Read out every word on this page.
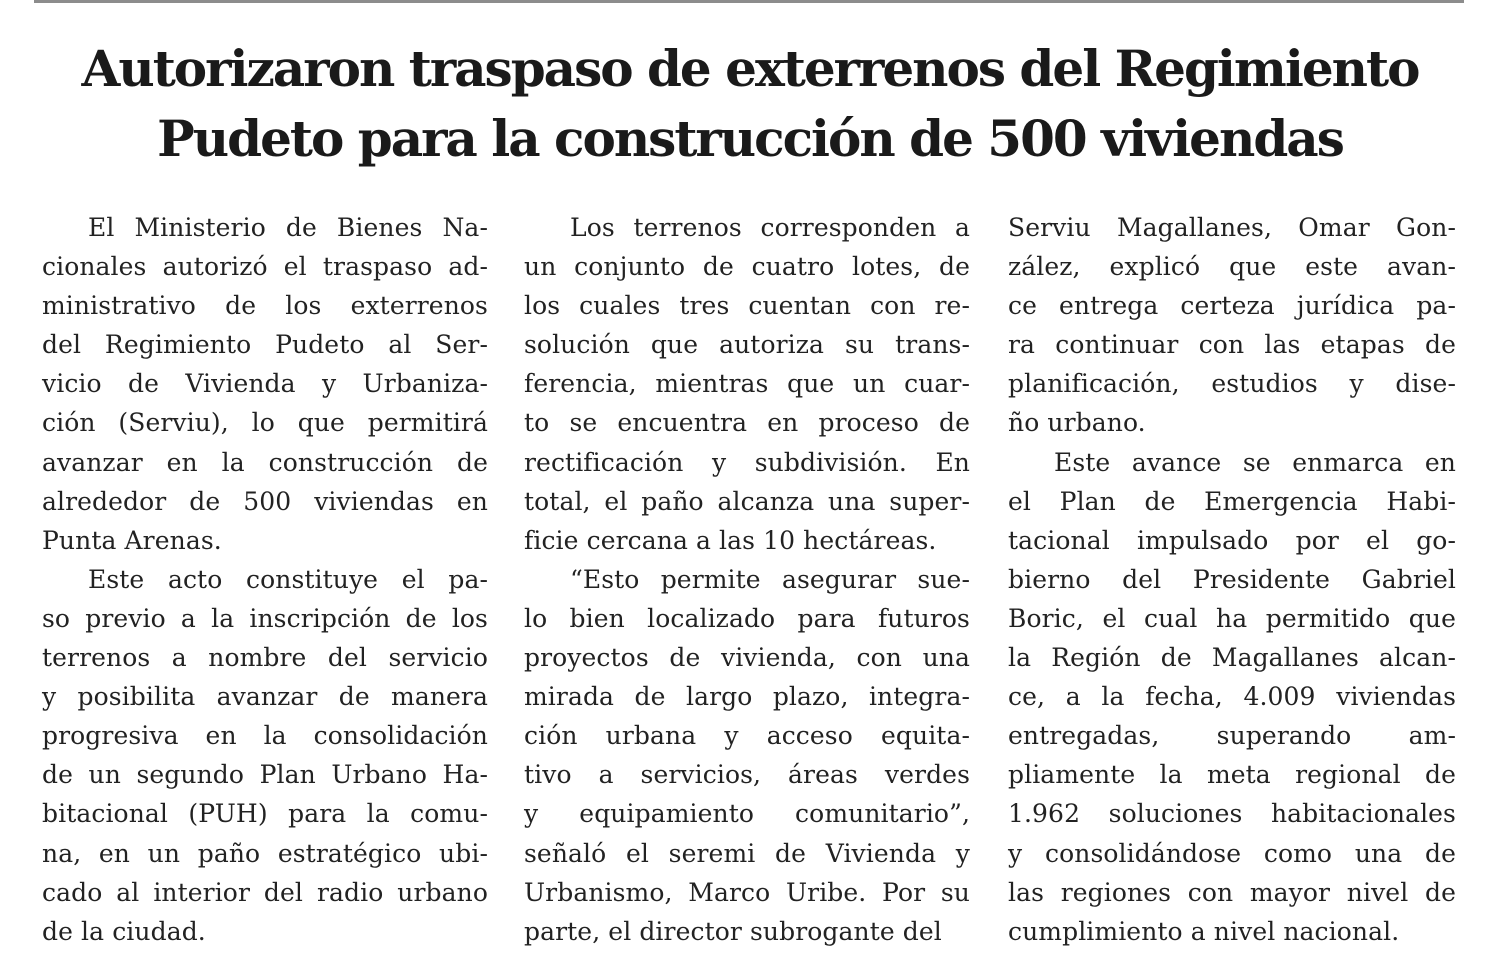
Autorizaron traspaso de exterrenos del Regimiento
Pudeto para la construcción de 500 viviendas

El Ministerio de Bienes Na-
cionales autorizó el traspaso ad-
ministrativo de los exterrenos
del Regimiento Pudeto al Ser-
vicio de Vivienda y Urbaniza-
ción (Serviu), lo que permitirá
avanzar en la construcción de
alrededor de 500 viviendas en
Punta Arenas.

Este acto constituye el pa-
so previo a la inscripción de los
terrenos a nombre del servicio
y posibilita avanzar de manera
progresiva en la consolidación
de un segundo Plan Urbano Ha-
bitacional (PUH) para la comu-
na, en un paño estratégico ubi-
cado al interior del radio urbano
de la ciudad.

Los terrenos corresponden a
un conjunto de cuatro lotes, de
los cuales tres cuentan con re-
solución que autoriza su trans-
ferencia, mientras que un cuar-
to se encuentra en proceso de
rectificación y subdivisión. En
total, el paño alcanza una super-
ficie cercana a las 10 hectáreas.

“Esto permite asegurar sue-
lo bien localizado para futuros
proyectos de vivienda, con una
mirada de largo plazo, integra-
ción urbana y acceso equita-
tivo a servicios, áreas verdes
y equipamiento comunitario”,
señaló el seremi de Vivienda y
Urbanismo, Marco Uribe. Por su
parte, el director subrogante del

Serviu Magallanes, Omar Gon-
zález, explicó que este avan-
ce entrega certeza jurídica pa-
ra continuar con las etapas de
planificación, estudios y dise-
ño urbano.

Este avance se enmarca en
el Plan de Emergencia Habi-
tacional impulsado por el go-
bierno del Presidente Gabriel
Boric, el cual ha permitido que
la Región de Magallanes alcan-
ce, a la fecha, 4.009 viviendas
entregadas, superando am-
pliamente la meta regional de
1.962 soluciones habitacionales
y consolidándose como una de
las regiones con mayor nivel de
cumplimiento a nivel nacional.
